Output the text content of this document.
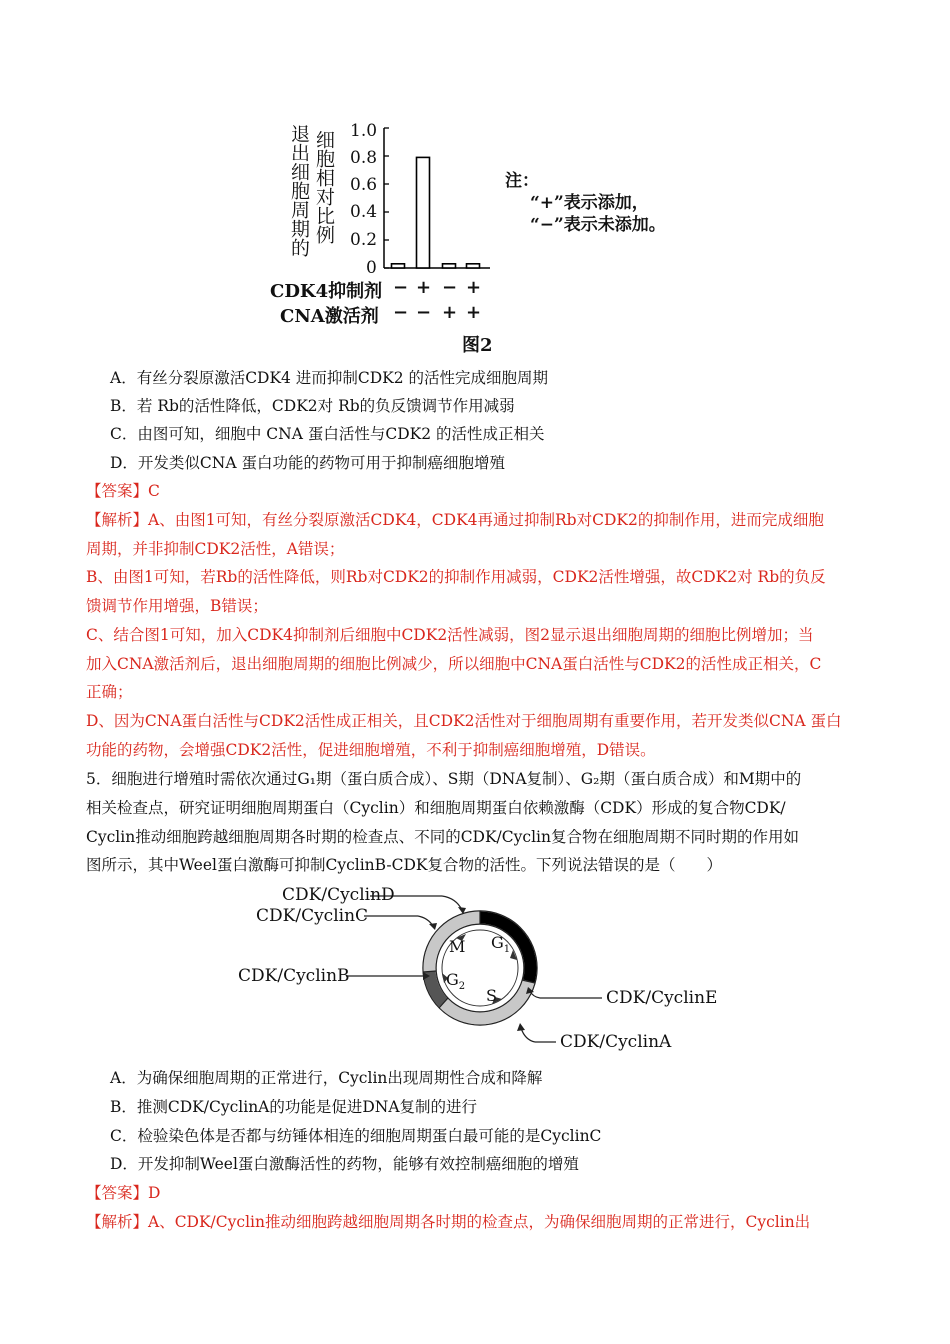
退出细胞周期的 细胞相对比例 1.0
0.8
0.6
0.4
0.2
0
CDK4抑制剂 − + − +
CNA激活剂 − − + +
图2
注：
“+”表示添加，
“−”表示未添加。
A．有丝分裂原激活CDK4 进而抑制CDK2 的活性完成细胞周期
B．若 Rb的活性降低，CDK2对 Rb的负反馈调节作用减弱
C．由图可知，细胞中 CNA 蛋白活性与CDK2 的活性成正相关
D．开发类似CNA 蛋白功能的药物可用于抑制癌细胞增殖
【答案】C
【解析】A、由图1可知，有丝分裂原激活CDK4，CDK4再通过抑制Rb对CDK2的抑制作用，进而完成细胞
周期，并非抑制CDK2活性，A错误；
B、由图1可知，若Rb的活性降低，则Rb对CDK2的抑制作用减弱，CDK2活性增强，故CDK2对 Rb的负反
馈调节作用增强，B错误；
C、结合图1可知，加入CDK4抑制剂后细胞中CDK2活性减弱，图2显示退出细胞周期的细胞比例增加；当
加入CNA激活剂后，退出细胞周期的细胞比例减少，所以细胞中CNA蛋白活性与CDK2的活性成正相关，C
正确；
D、因为CNA蛋白活性与CDK2活性成正相关，且CDK2活性对于细胞周期有重要作用，若开发类似CNA 蛋白
功能的药物，会增强CDK2活性，促进细胞增殖，不利于抑制癌细胞增殖，D错误。
5．细胞进行增殖时需依次通过G₁期（蛋白质合成）、S期（DNA复制）、G₂期（蛋白质合成）和M期中的
相关检查点，研究证明细胞周期蛋白（Cyclin）和细胞周期蛋白依赖激酶（CDK）形成的复合物CDK/
Cyclin推动细胞跨越细胞周期各时期的检查点、不同的CDK/Cyclin复合物在细胞周期不同时期的作用如
图所示，其中Weel蛋白激酶可抑制CyclinB-CDK复合物的活性。下列说法错误的是（　　）
CDK/CyclinD
CDK/CyclinC
CDK/CyclinB
CDK/CyclinE
CDK/CyclinA
M $G_1$
$G_2$ S
A．为确保细胞周期的正常进行，Cyclin出现周期性合成和降解
B．推测CDK/CyclinA的功能是促进DNA复制的进行
C．检验染色体是否都与纺锤体相连的细胞周期蛋白最可能的是CyclinC
D．开发抑制Weel蛋白激酶活性的药物，能够有效控制癌细胞的增殖
【答案】D
【解析】A、CDK/Cyclin推动细胞跨越细胞周期各时期的检查点，为确保细胞周期的正常进行，Cyclin出
